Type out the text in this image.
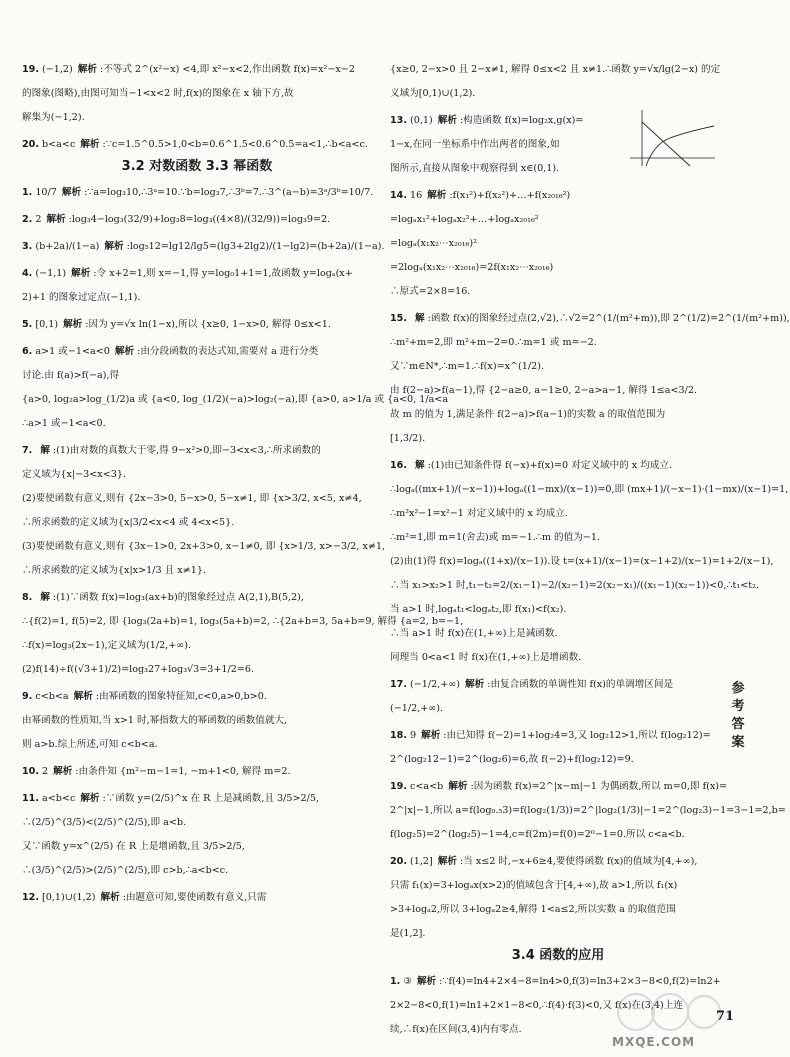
19. (−1,2) 解析 :不等式 2^(x²−x) <4,即 x²−x<2,作出函数 f(x)=x²−x−2
的图象(图略),由图可知当−1<x<2 时,f(x)的图象在 x 轴下方,故
解集为(−1,2).
20. b<a<c 解析 :∵c=1.5^0.5>1,0<b=0.6^1.5<0.6^0.5=a<1,∴b<a<c.
3.2 对数函数 3.3 幂函数
1. 10/7 解析 :∵a=log₃10,∴3ᵃ=10.∵b=log₃7,∴3ᵇ=7.∴3^(a−b)=3ᵃ/3ᵇ=10/7.
2. 2 解析 :log₃4−log₃(32/9)+log₃8=log₃((4×8)/(32/9))=log₃9=2.
3. (b+2a)/(1−a) 解析 :log₅12=lg12/lg5=(lg3+2lg2)/(1−lg2)=(b+2a)/(1−a).
4. (−1,1) 解析 :令 x+2=1,则 x=−1,得 y=log₀1+1=1,故函数 y=logₐ(x+
2)+1 的图象过定点(−1,1).
5. [0,1) 解析 :因为 y=√x ln(1−x),所以 {x≥0, 1−x>0, 解得 0≤x<1.
6. a>1 或−1<a<0 解析 :由分段函数的表达式知,需要对 a 进行分类
讨论.由 f(a)>f(−a),得
{a>0, log₂a>log_(1/2)a 或 {a<0, log_(1/2)(−a)>log₂(−a),即 {a>0, a>1/a 或 {a<0, 1/a<a
∴a>1 或−1<a<0.
7. 解 :(1)由对数的真数大于零,得 9−x²>0,即−3<x<3,∴所求函数的
定义域为{x|−3<x<3}.
(2)要使函数有意义,则有 {2x−3>0, 5−x>0, 5−x≠1, 即 {x>3/2, x<5, x≠4,
∴所求函数的定义域为{x|3/2<x<4 或 4<x<5}.
(3)要使函数有意义,则有 {3x−1>0, 2x+3>0, x−1≠0, 即 {x>1/3, x>−3/2, x≠1,
∴所求函数的定义域为{x|x>1/3 且 x≠1}.
8. 解 :(1)∵函数 f(x)=log₃(ax+b)的图象经过点 A(2,1),B(5,2),
∴{f(2)=1, f(5)=2, 即 {log₃(2a+b)=1, log₃(5a+b)=2, ∴{2a+b=3, 5a+b=9, 解得 {a=2, b=−1,
∴f(x)=log₃(2x−1),定义域为(1/2,+∞).
(2)f(14)÷f((√3+1)/2)=log₃27+log₃√3=3+1/2=6.
9. c<b<a 解析 :由幂函数的图象特征知,c<0,a>0,b>0.
由幂函数的性质知,当 x>1 时,幂指数大的幂函数的函数值就大,
则 a>b.综上所述,可知 c<b<a.
10. 2 解析 :由条件知 {m²−m−1=1, −m+1<0, 解得 m=2.
11. a<b<c 解析 :∵函数 y=(2/5)^x 在 R 上是减函数,且 3/5>2/5,
∴(2/5)^(3/5)<(2/5)^(2/5),即 a<b.
又∵函数 y=x^(2/5) 在 R 上是增函数,且 3/5>2/5,
∴(3/5)^(2/5)>(2/5)^(2/5),即 c>b,∴a<b<c.
12. [0,1)∪(1,2) 解析 :由题意可知,要使函数有意义,只需
{x≥0, 2−x>0 且 2−x≠1, 解得 0≤x<2 且 x≠1.∴函数 y=√x/lg(2−x) 的定
义域为[0,1)∪(1,2).
13. (0,1) 解析 :构造函数 f(x)=log₂x,g(x)=
1−x,在同一坐标系中作出两者的图象,如
图所示,直接从图象中观察得到 x∈(0,1).
14. 16 解析 :f(x₁²)+f(x₂²)+…+f(x₂₀₁₆²)
=logₐx₁²+logₐx₂²+…+logₐx₂₀₁₆²
=logₐ(x₁x₂⋯x₂₀₁₆)²
=2logₐ(x₁x₂⋯x₂₀₁₆)=2f(x₁x₂⋯x₂₀₁₆)
∴原式=2×8=16.
15. 解 :函数 f(x)的图象经过点(2,√2),∴√2=2^(1/(m²+m)),即 2^(1/2)=2^(1/(m²+m)),
∴m²+m=2,即 m²+m−2=0.∴m=1 或 m=−2.
又∵m∈N*,∴m=1.∴f(x)=x^(1/2).
由 f(2−a)>f(a−1),得 {2−a≥0, a−1≥0, 2−a>a−1, 解得 1≤a<3/2.
故 m 的值为 1,满足条件 f(2−a)>f(a−1)的实数 a 的取值范围为
[1,3/2).
16. 解 :(1)由已知条件得 f(−x)+f(x)=0 对定义域中的 x 均成立.
∴logₐ((mx+1)/(−x−1))+logₐ((1−mx)/(x−1))=0,即 (mx+1)/(−x−1)·(1−mx)/(x−1)=1,
∴m²x²−1=x²−1 对定义域中的 x 均成立.
∴m²=1,即 m=1(舍去)或 m=−1.∴m 的值为−1.
(2)由(1)得 f(x)=logₐ((1+x)/(x−1)).设 t=(x+1)/(x−1)=(x−1+2)/(x−1)=1+2/(x−1),
∴当 x₁>x₂>1 时,t₁−t₂=2/(x₁−1)−2/(x₂−1)=2(x₂−x₁)/((x₁−1)(x₂−1))<0,∴t₁<t₂.
当 a>1 时,logₐt₁<logₐt₂,即 f(x₁)<f(x₂).
∴当 a>1 时 f(x)在(1,+∞)上是减函数.
同理当 0<a<1 时 f(x)在(1,+∞)上是增函数.
17. (−1/2,+∞) 解析 :由复合函数的单调性知 f(x)的单调增区间是
(−1/2,+∞).
18. 9 解析 :由已知得 f(−2)=1+log₂4=3,又 log₂12>1,所以 f(log₂12)=
2^(log₂12−1)=2^(log₂6)=6,故 f(−2)+f(log₂12)=9.
19. c<a<b 解析 :因为函数 f(x)=2^|x−m|−1 为偶函数,所以 m=0,即 f(x)=
2^|x|−1,所以 a=f(log₀.₅3)=f(log₂(1/3))=2^|log₂(1/3)|−1=2^(log₂3)−1=3−1=2,b=
f(log₂5)=2^(log₂5)−1=4,c=f(2m)=f(0)=2⁰−1=0.所以 c<a<b.
20. (1,2] 解析 :当 x≤2 时,−x+6≥4,要使得函数 f(x)的值域为[4,+∞),
只需 f₁(x)=3+logₐx(x>2)的值域包含于[4,+∞),故 a>1,所以 f₁(x)
>3+logₐ2,所以 3+logₐ2≥4,解得 1<a≤2,所以实数 a 的取值范围
是(1,2].
3.4 函数的应用
1. ③ 解析 :∵f(4)=ln4+2×4−8=ln4>0,f(3)=ln3+2×3−8<0,f(2)=ln2+
2×2−8<0,f(1)=ln1+2×1−8<0,∴f(4)·f(3)<0,又 f(x)在(3,4)上连
续,∴f(x)在区间(3,4)内有零点.
参
考
答
案
MXQE.COM
71
